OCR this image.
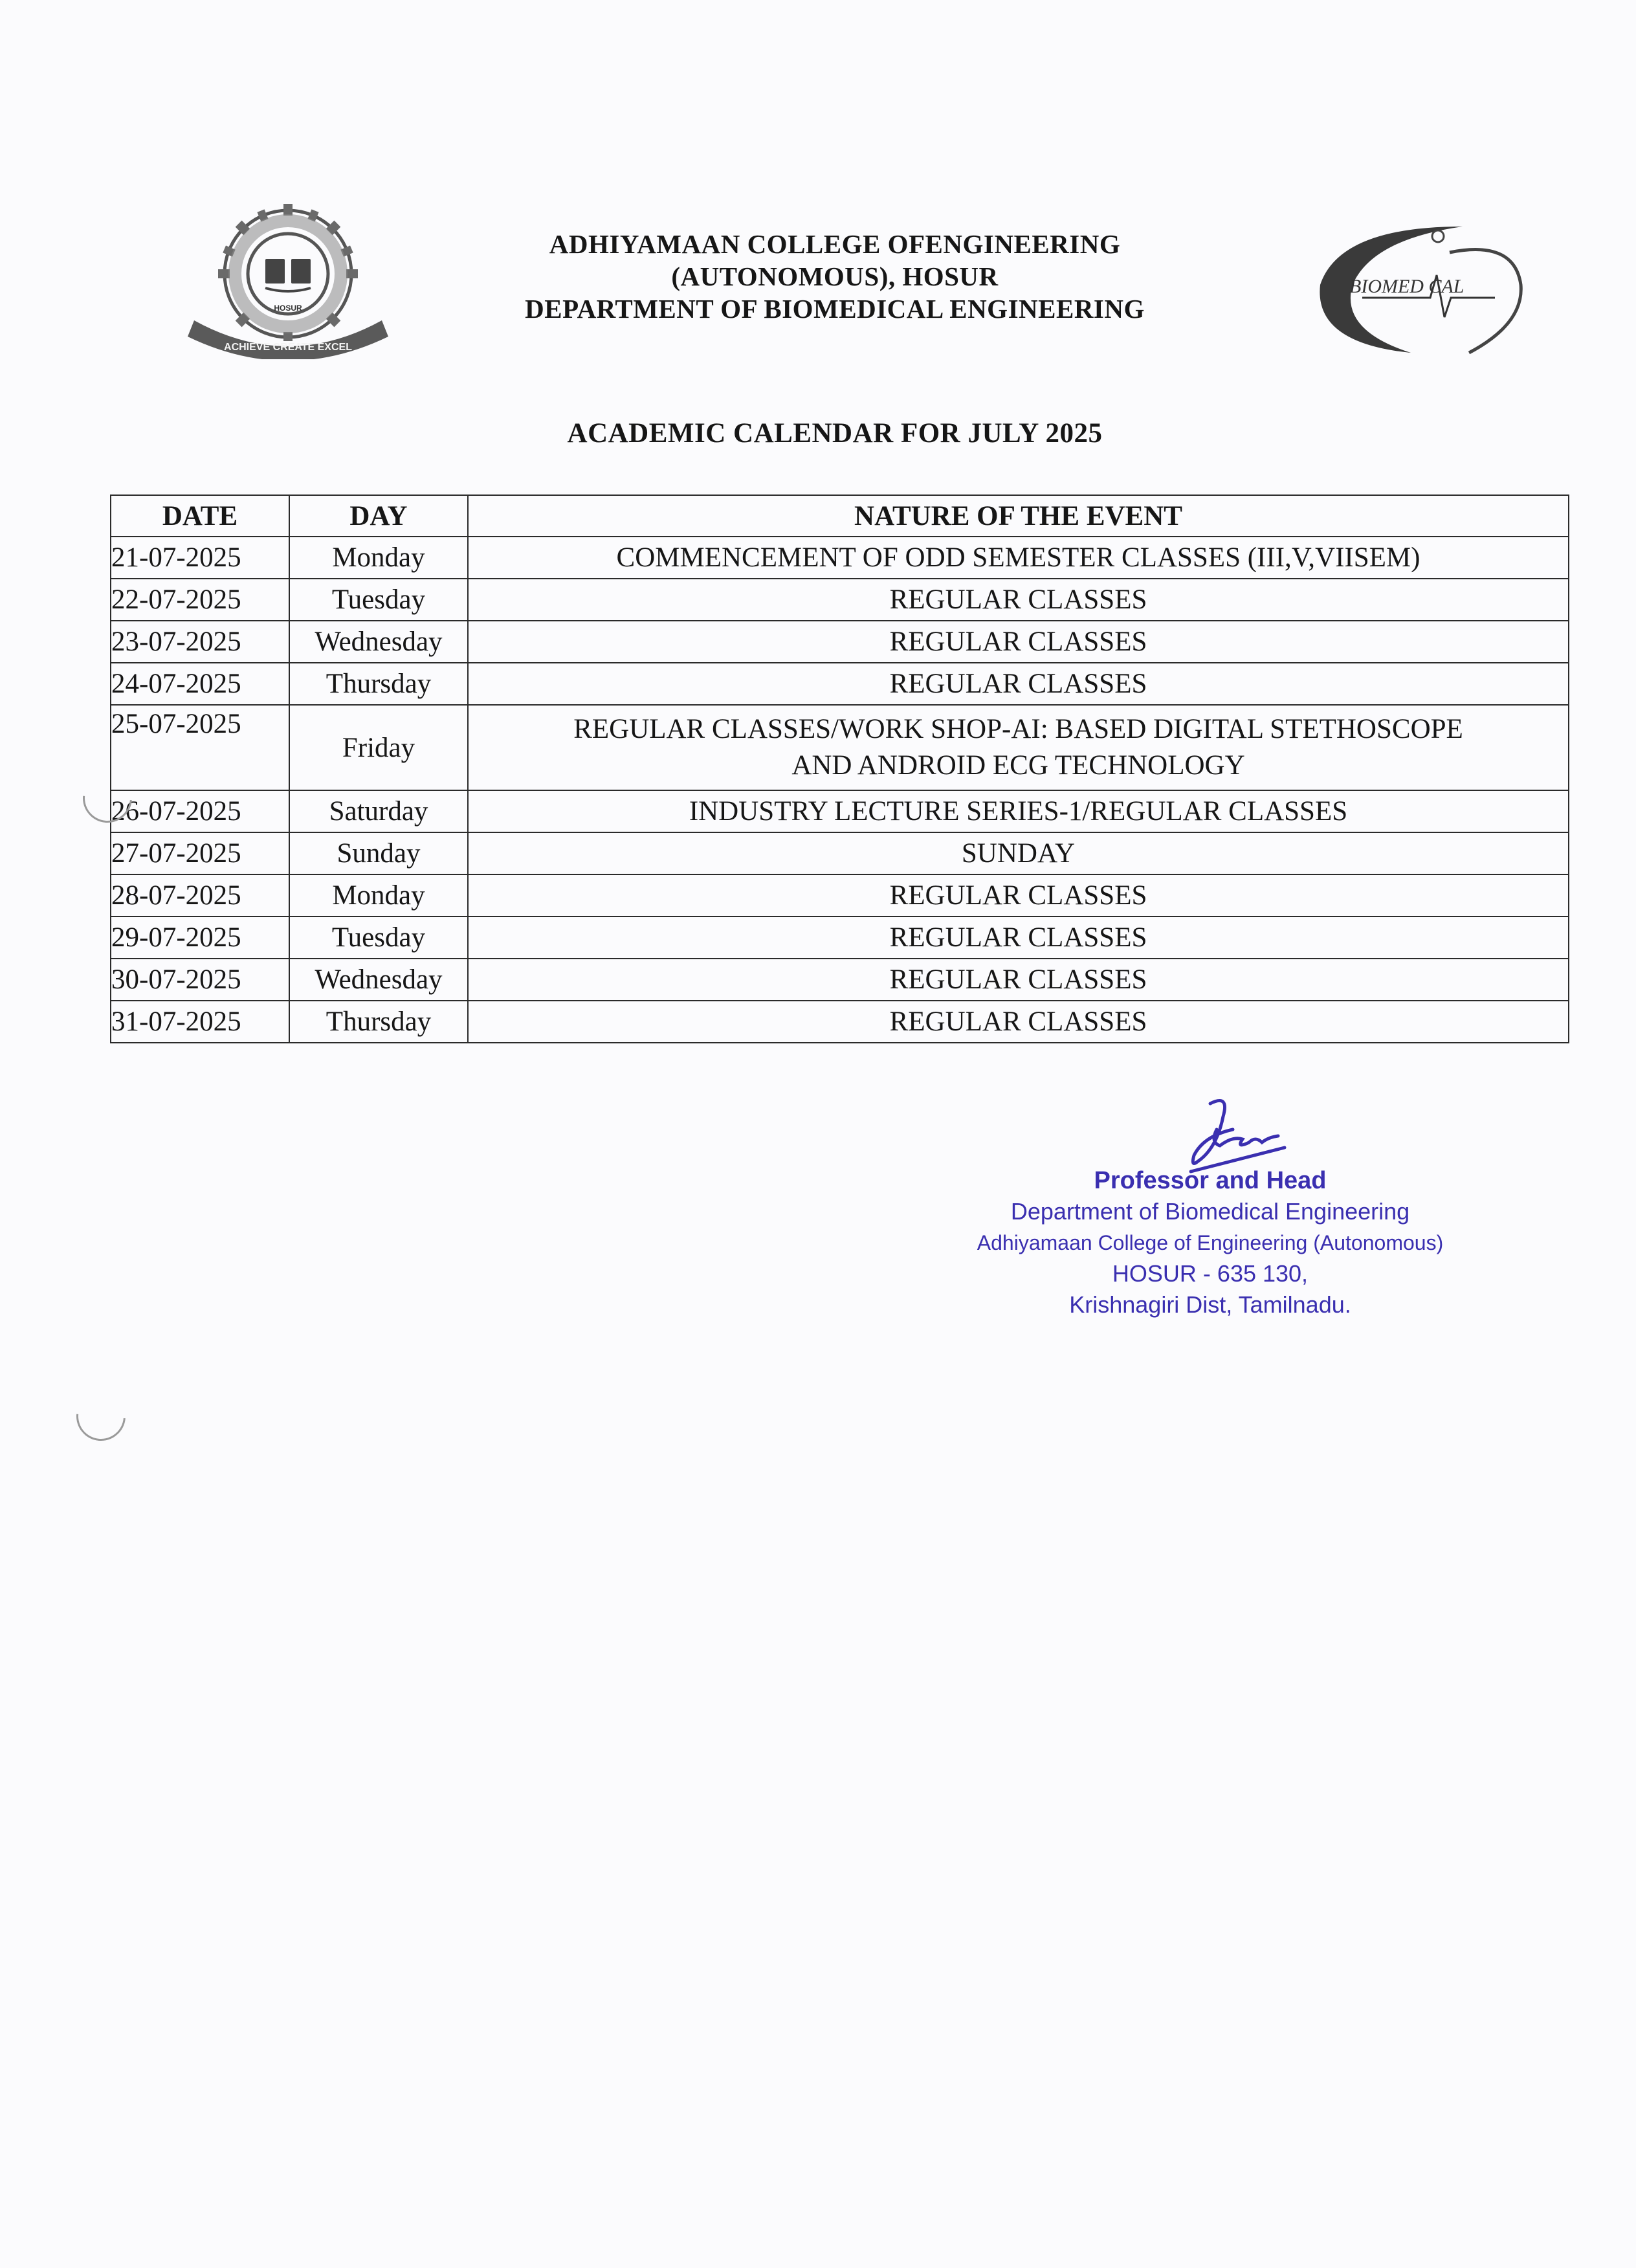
ACHIEVE CREATE EXCEL
HOSUR
ADHIYAMAAN COLLEGE OFENGINEERING
(AUTONOMOUS), HOSUR
DEPARTMENT OF BIOMEDICAL ENGINEERING
BIOMED CAL
ACADEMIC CALENDAR FOR JULY 2025
DATE	DAY	NATURE OF THE EVENT
21-07-2025	Monday	COMMENCEMENT OF ODD SEMESTER CLASSES (III,V,VIISEM)
22-07-2025	Tuesday	REGULAR CLASSES
23-07-2025	Wednesday	REGULAR CLASSES
24-07-2025	Thursday	REGULAR CLASSES
25-07-2025	Friday	REGULAR CLASSES/WORK SHOP-AI: BASED DIGITAL STETHOSCOPE
AND ANDROID ECG TECHNOLOGY

26-07-2025	Saturday	INDUSTRY LECTURE SERIES-1/REGULAR CLASSES
27-07-2025	Sunday	SUNDAY
28-07-2025	Monday	REGULAR CLASSES
29-07-2025	Tuesday	REGULAR CLASSES
30-07-2025	Wednesday	REGULAR CLASSES
31-07-2025	Thursday	REGULAR CLASSES
Professor and Head
Department of Biomedical Engineering
Adhiyamaan College of Engineering (Autonomous)
HOSUR - 635 130,
Krishnagiri Dist, Tamilnadu.
